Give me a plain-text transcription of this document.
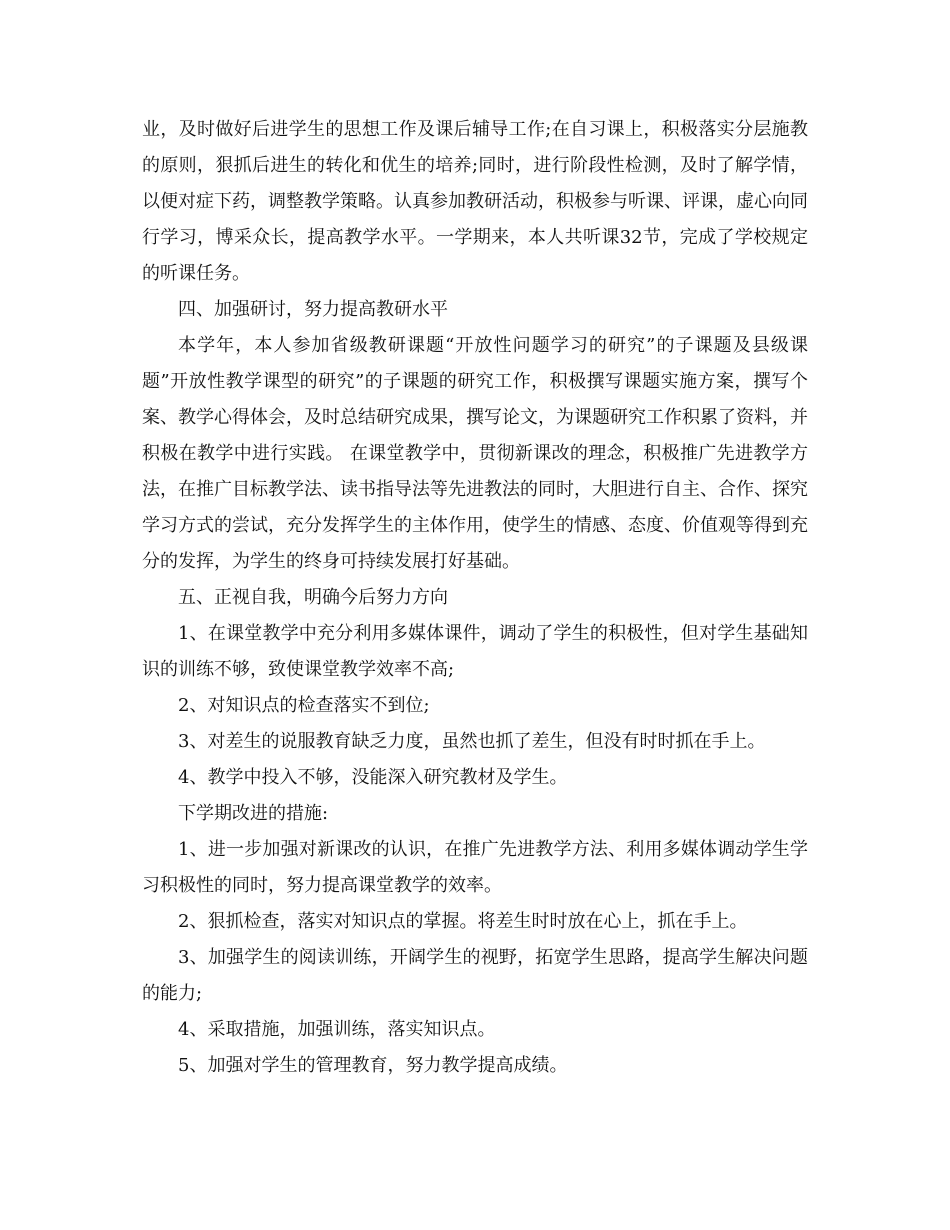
业，及时做好后进学生的思想工作及课后辅导工作;在自习课上，积极落实分层施教的原则，狠抓后进生的转化和优生的培养;同时，进行阶段性检测，及时了解学情，以便对症下药，调整教学策略。认真参加教研活动，积极参与听课、评课，虚心向同行学习，博采众长，提高教学水平。一学期来，本人共听课32节，完成了学校规定的听课任务。

四、加强研讨，努力提高教研水平

本学年，本人参加省级教研课题“开放性问题学习的研究”的子课题及县级课题”开放性教学课型的研究”的子课题的研究工作，积极撰写课题实施方案，撰写个案、教学心得体会，及时总结研究成果，撰写论文，为课题研究工作积累了资料，并积极在教学中进行实践。 在课堂教学中，贯彻新课改的理念，积极推广先进教学方法，在推广目标教学法、读书指导法等先进教法的同时，大胆进行自主、合作、探究学习方式的尝试，充分发挥学生的主体作用，使学生的情感、态度、价值观等得到充分的发挥，为学生的终身可持续发展打好基础。

五、正视自我，明确今后努力方向

1、在课堂教学中充分利用多媒体课件，调动了学生的积极性，但对学生基础知识的训练不够，致使课堂教学效率不高;

2、对知识点的检查落实不到位;

3、对差生的说服教育缺乏力度，虽然也抓了差生，但没有时时抓在手上。

4、教学中投入不够，没能深入研究教材及学生。

下学期改进的措施:

1、进一步加强对新课改的认识，在推广先进教学方法、利用多媒体调动学生学习积极性的同时，努力提高课堂教学的效率。

2、狠抓检查，落实对知识点的掌握。将差生时时放在心上，抓在手上。

3、加强学生的阅读训练，开阔学生的视野，拓宽学生思路，提高学生解决问题的能力;

4、采取措施，加强训练，落实知识点。

5、加强对学生的管理教育，努力教学提高成绩。
